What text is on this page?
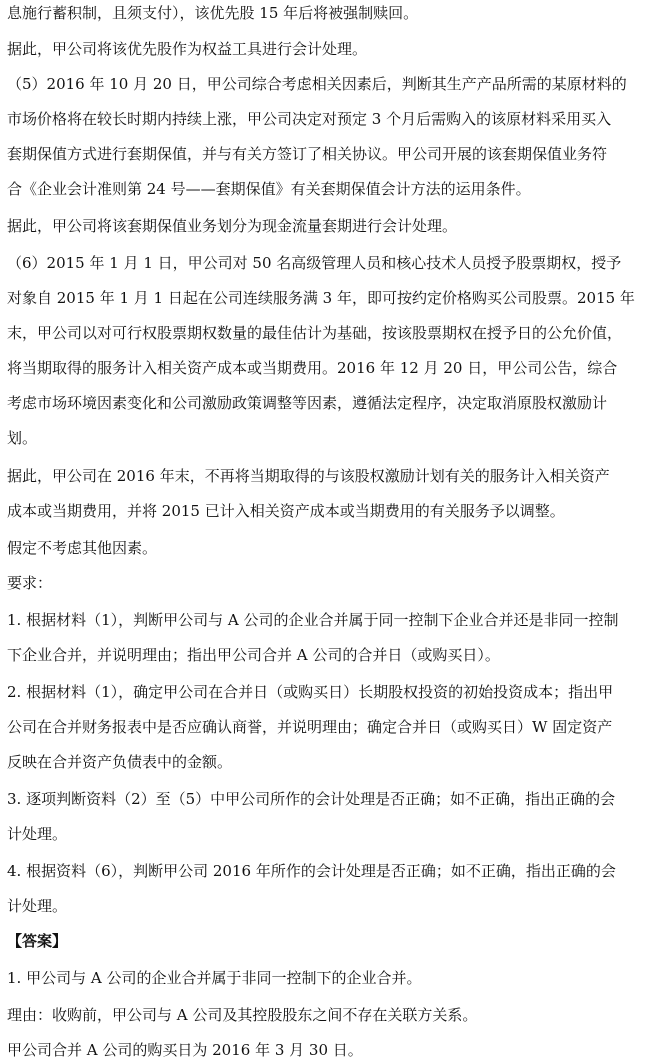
息施行蓄积制，且须支付），该优先股 15 年后将被强制赎回。
据此，甲公司将该优先股作为权益工具进行会计处理。
（5）2016 年 10 月 20 日，甲公司综合考虑相关因素后，判断其生产产品所需的某原材料的
市场价格将在较长时期内持续上涨，甲公司决定对预定 3 个月后需购入的该原材料采用买入
套期保值方式进行套期保值，并与有关方签订了相关协议。甲公司开展的该套期保值业务符
合《企业会计准则第 24 号——套期保值》有关套期保值会计方法的运用条件。
据此，甲公司将该套期保值业务划分为现金流量套期进行会计处理。
（6）2015 年 1 月 1 日，甲公司对 50 名高级管理人员和核心技术人员授予股票期权，授予
对象自 2015 年 1 月 1 日起在公司连续服务满 3 年，即可按约定价格购买公司股票。2015 年
末，甲公司以对可行权股票期权数量的最佳估计为基础，按该股票期权在授予日的公允价值，
将当期取得的服务计入相关资产成本或当期费用。2016 年 12 月 20 日，甲公司公告，综合
考虑市场环境因素变化和公司激励政策调整等因素，遵循法定程序，决定取消原股权激励计
划。
据此，甲公司在 2016 年末，不再将当期取得的与该股权激励计划有关的服务计入相关资产
成本或当期费用，并将 2015 已计入相关资产成本或当期费用的有关服务予以调整。
假定不考虑其他因素。
要求：
1. 根据材料（1），判断甲公司与 A 公司的企业合并属于同一控制下企业合并还是非同一控制
下企业合并，并说明理由；指出甲公司合并 A 公司的合并日（或购买日）。
2. 根据材料（1），确定甲公司在合并日（或购买日）长期股权投资的初始投资成本；指出甲
公司在合并财务报表中是否应确认商誉，并说明理由；确定合并日（或购买日）W 固定资产
反映在合并资产负债表中的金额。
3. 逐项判断资料（2）至（5）中甲公司所作的会计处理是否正确；如不正确，指出正确的会
计处理。
4. 根据资料（6），判断甲公司 2016 年所作的会计处理是否正确；如不正确，指出正确的会
计处理。
【答案】
1. 甲公司与 A 公司的企业合并属于非同一控制下的企业合并。
理由：收购前，甲公司与 A 公司及其控股股东之间不存在关联方关系。
甲公司合并 A 公司的购买日为 2016 年 3 月 30 日。
